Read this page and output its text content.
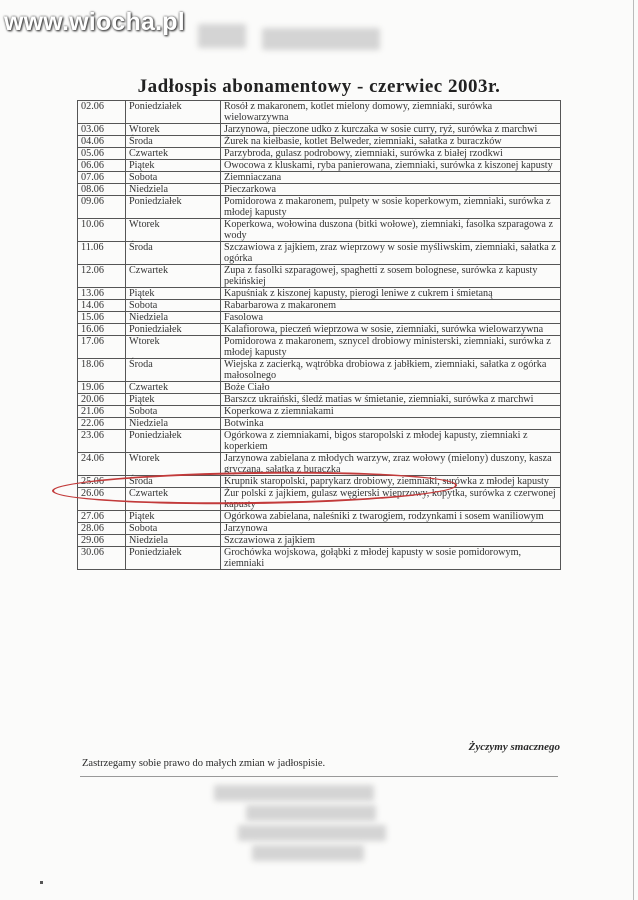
www.wiocha.pl
Jadłospis abonamentowy - czerwiec 2003r.
02.06	Poniedziałek	Rosół z makaronem, kotlet mielony domowy, ziemniaki, surówka wielowarzywna
03.06	Wtorek	Jarzynowa, pieczone udko z kurczaka w sosie curry, ryż, surówka z marchwi
04.06	Środa	Żurek na kiełbasie, kotlet Belweder, ziemniaki, sałatka z buraczków
05.06	Czwartek	Parzybroda, gulasz podrobowy, ziemniaki, surówka z białej rzodkwi
06.06	Piątek	Owocowa z kluskami, ryba panierowana, ziemniaki, surówka z kiszonej kapusty
07.06	Sobota	Ziemniaczana
08.06	Niedziela	Pieczarkowa
09.06	Poniedziałek	Pomidorowa z makaronem, pulpety w sosie koperkowym, ziemniaki, surówka z młodej kapusty
10.06	Wtorek	Koperkowa, wołowina duszona (bitki wołowe), ziemniaki, fasolka szparagowa z wody
11.06	Środa	Szczawiowa z jajkiem, zraz wieprzowy w sosie myśliwskim, ziemniaki, sałatka z ogórka
12.06	Czwartek	Zupa z fasolki szparagowej, spaghetti z sosem bolognese, surówka z kapusty pekińskiej
13.06	Piątek	Kapuśniak z kiszonej kapusty, pierogi leniwe z cukrem i śmietaną
14.06	Sobota	Rabarbarowa z makaronem
15.06	Niedziela	Fasolowa
16.06	Poniedziałek	Kalafiorowa, pieczeń wieprzowa w sosie, ziemniaki, surówka wielowarzywna
17.06	Wtorek	Pomidorowa z makaronem, sznycel drobiowy ministerski, ziemniaki, surówka z młodej kapusty
18.06	Środa	Wiejska z zacierką, wątróbka drobiowa z jabłkiem, ziemniaki, sałatka z ogórka małosolnego
19.06	Czwartek	Boże Ciało
20.06	Piątek	Barszcz ukraiński, śledź matias w śmietanie, ziemniaki, surówka z marchwi
21.06	Sobota	Koperkowa z ziemniakami
22.06	Niedziela	Botwinka
23.06	Poniedziałek	Ogórkowa z ziemniakami, bigos staropolski z młodej kapusty, ziemniaki z koperkiem
24.06	Wtorek	Jarzynowa zabielana z młodych warzyw, zraz wołowy (mielony) duszony, kasza gryczana, sałatka z buraczka
25.06	Środa	Krupnik staropolski, paprykarz drobiowy, ziemniaki, surówka z młodej kapusty
26.06	Czwartek	Żur polski z jajkiem, gulasz węgierski wieprzowy, kopytka, surówka z czerwonej kapusty
27.06	Piątek	Ogórkowa zabielana, naleśniki z twarogiem, rodzynkami i sosem waniliowym
28.06	Sobota	Jarzynowa
29.06	Niedziela	Szczawiowa z jajkiem
30.06	Poniedziałek	Grochówka wojskowa, gołąbki z młodej kapusty w sosie pomidorowym, ziemniaki
Życzymy smacznego
Zastrzegamy sobie prawo do małych zmian w jadłospisie.
